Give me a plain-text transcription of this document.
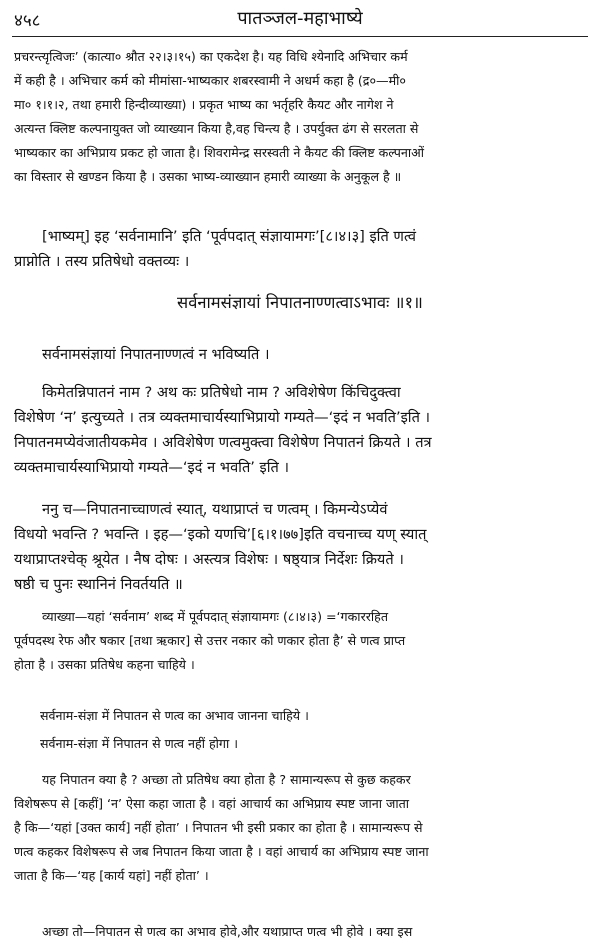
४५८	पातञ्जल-महाभाष्ये
प्रचरन्त्यृत्विजः’ (कात्या० श्रौत २२।३।१५) का एकदेश है। यह विधि श्येनादि अभिचार कर्म
में कही है । अभिचार कर्म को मीमांसा-भाष्यकार शबरस्वामी ने अधर्म कहा है (द्र०—मी०
मा० १।१।२, तथा हमारी हिन्दीव्याख्या) । प्रकृत भाष्य का भर्तृहरि कैयट और नागेश ने
अत्यन्त क्लिष्ट कल्पनायुक्त जो व्याख्यान किया है,वह चिन्त्य है । उपर्युक्त ढंग से सरलता से
भाष्यकार का अभिप्राय प्रकट हो जाता है। शिवरामेन्द्र सरस्वती ने कैयट की क्लिष्ट कल्पनाओं
का विस्तार से खण्डन किया है । उसका भाष्य-व्याख्यान हमारी व्याख्या के अनुकूल है ॥
[भाष्यम्] इह ‘सर्वनामानि’ इति ‘पूर्वपदात् संज्ञायामगः’[८।४।३] इति णत्वं
प्राप्नोति । तस्य प्रतिषेधो वक्तव्यः ।
सर्वनामसंज्ञायां निपातनाण्णत्वाऽभावः ॥१॥
सर्वनामसंज्ञायां निपातनाण्णत्वं न भविष्यति ।
किमेतन्निपातनं नाम ? अथ कः प्रतिषेधो नाम ? अविशेषेण किंचिदुक्त्वा
विशेषेण ‘न’ इत्युच्यते । तत्र व्यक्तमाचार्यस्याभिप्रायो गम्यते—‘इदं न भवति’इति ।
निपातनमप्येवंजातीयकमेव । अविशेषेण णत्वमुक्त्वा विशेषेण निपातनं क्रियते । तत्र
व्यक्तमाचार्यस्याभिप्रायो गम्यते—‘इदं न भवति’ इति ।
ननु च—निपातनाच्चाणत्वं स्यात्, यथाप्राप्तं च णत्वम् । किमन्येऽप्येवं
विधयो भवन्ति ? भवन्ति । इह—‘इको यणचि’[६।१।७७]इति वचनाच्च यण् स्यात्
यथाप्राप्तश्चेक् श्रूयेत । नैष दोषः । अस्त्यत्र विशेषः । षष्ठ्यात्र निर्देशः क्रियते ।
षष्ठी च पुनः स्थानिनं निवर्तयति ॥
व्याख्या—यहां ‘सर्वनाम’ शब्द में पूर्वपदात् संज्ञायामगः (८।४।३) =‘गकाररहित
पूर्वपदस्थ रेफ और षकार [तथा ऋकार] से उत्तर नकार को णकार होता है’ से णत्व प्राप्त
होता है । उसका प्रतिषेध कहना चाहिये ।
सर्वनाम-संज्ञा में निपातन से णत्व का अभाव जानना चाहिये ।
सर्वनाम-संज्ञा में निपातन से णत्व नहीं होगा ।
यह निपातन क्या है ? अच्छा तो प्रतिषेध क्या होता है ? सामान्यरूप से कुछ कहकर
विशेषरूप से [कहीं] ‘न’ ऐसा कहा जाता है । वहां आचार्य का अभिप्राय स्पष्ट जाना जाता
है कि—‘यहां [उक्त कार्य] नहीं होता’ । निपातन भी इसी प्रकार का होता है । सामान्यरूप से
णत्व कहकर विशेषरूप से जब निपातन किया जाता है । वहां आचार्य का अभिप्राय स्पष्ट जाना
जाता है कि—‘यह [कार्य यहां] नहीं होता’ ।
अच्छा तो—निपातन से णत्व का अभाव होवे,और यथाप्राप्त णत्व भी होवे । क्या इस
